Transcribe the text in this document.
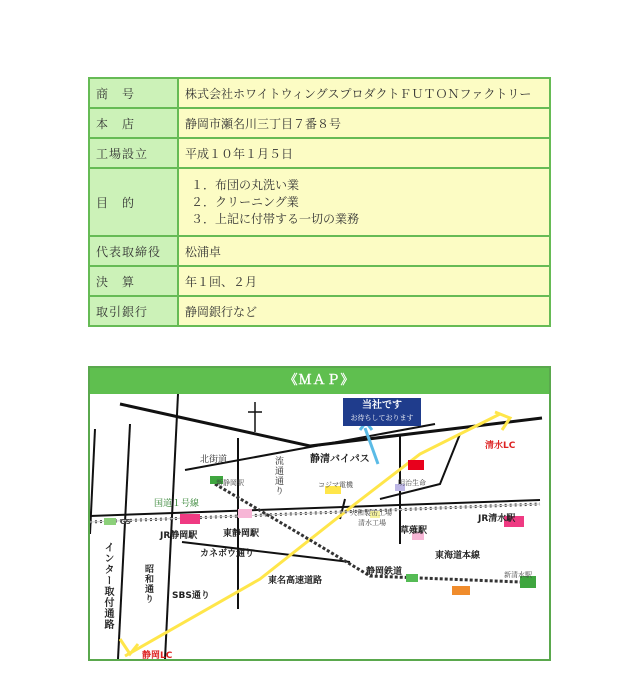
商　号	株式会社ホワイトウィングスプロダクトＦＵＴＯＮファクトリー
本　店	静岡市瀬名川三丁目７番８号
工場設立	平成１０年１月５日
目　的	１．布団の丸洗い業
２．クリーニング業
３．上記に付帯する一切の業務

代表取締役	松浦卓
決　算	年１回、２月
取引銀行	静岡銀行など
《ＭＡＰ》
当社です
お待ちしております
北街道	流通通り	静清バイパス
清水LC
新静岡駅	コジマ電機	明治生命
国道１号線
GS
JR静岡駅	東静岡駅
大和製缶工場
清水工場
草薙駅
JR清水駅
東海道本線
カネボウ通り
インター取付通路	昭和通り SBS通り
東名高速道路
静岡鉄道	新清水駅
静岡LC
